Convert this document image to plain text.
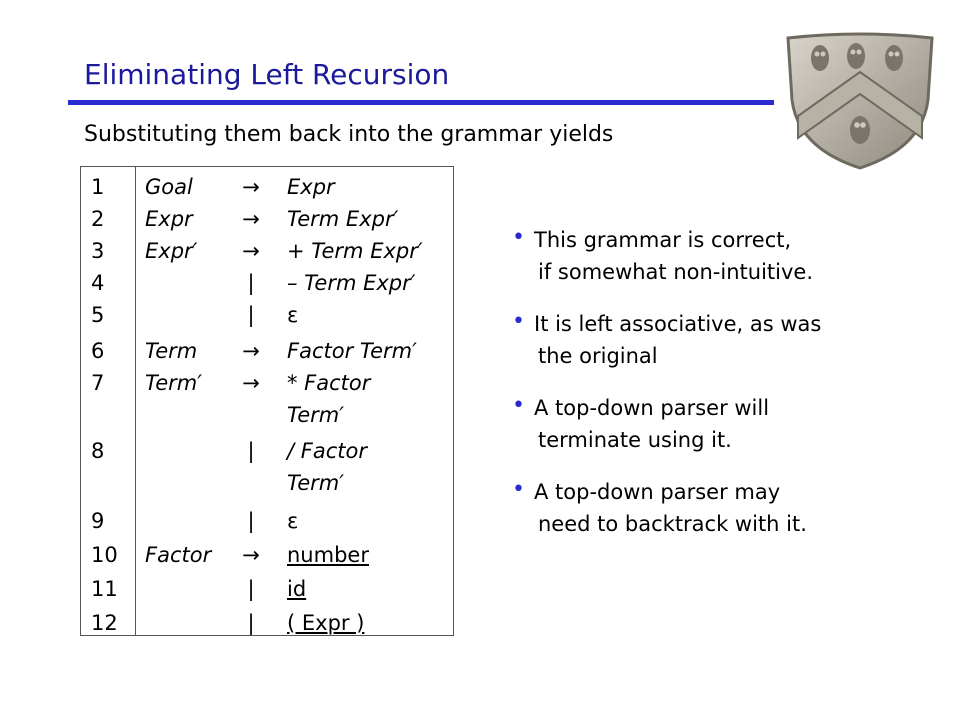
Eliminating Left Recursion
Substituting them back into the grammar yields
1 Goal → Expr
2 Expr → Term Expr′
3 Expr′ → + Term Expr′
4	|	– Term Expr′
5	|	ε
6 Term → Factor Term′
7 Term′ → * Factor
Term′
8	|	/ Factor
Term′
9	|	ε
10 Factor → number
11	|	id
12	|	( Expr )
• This grammar is correct,
if somewhat non-intuitive.
• It is left associative, as was
the original
• A top-down parser will
terminate using it.
• A top-down parser may
need to backtrack with it.
